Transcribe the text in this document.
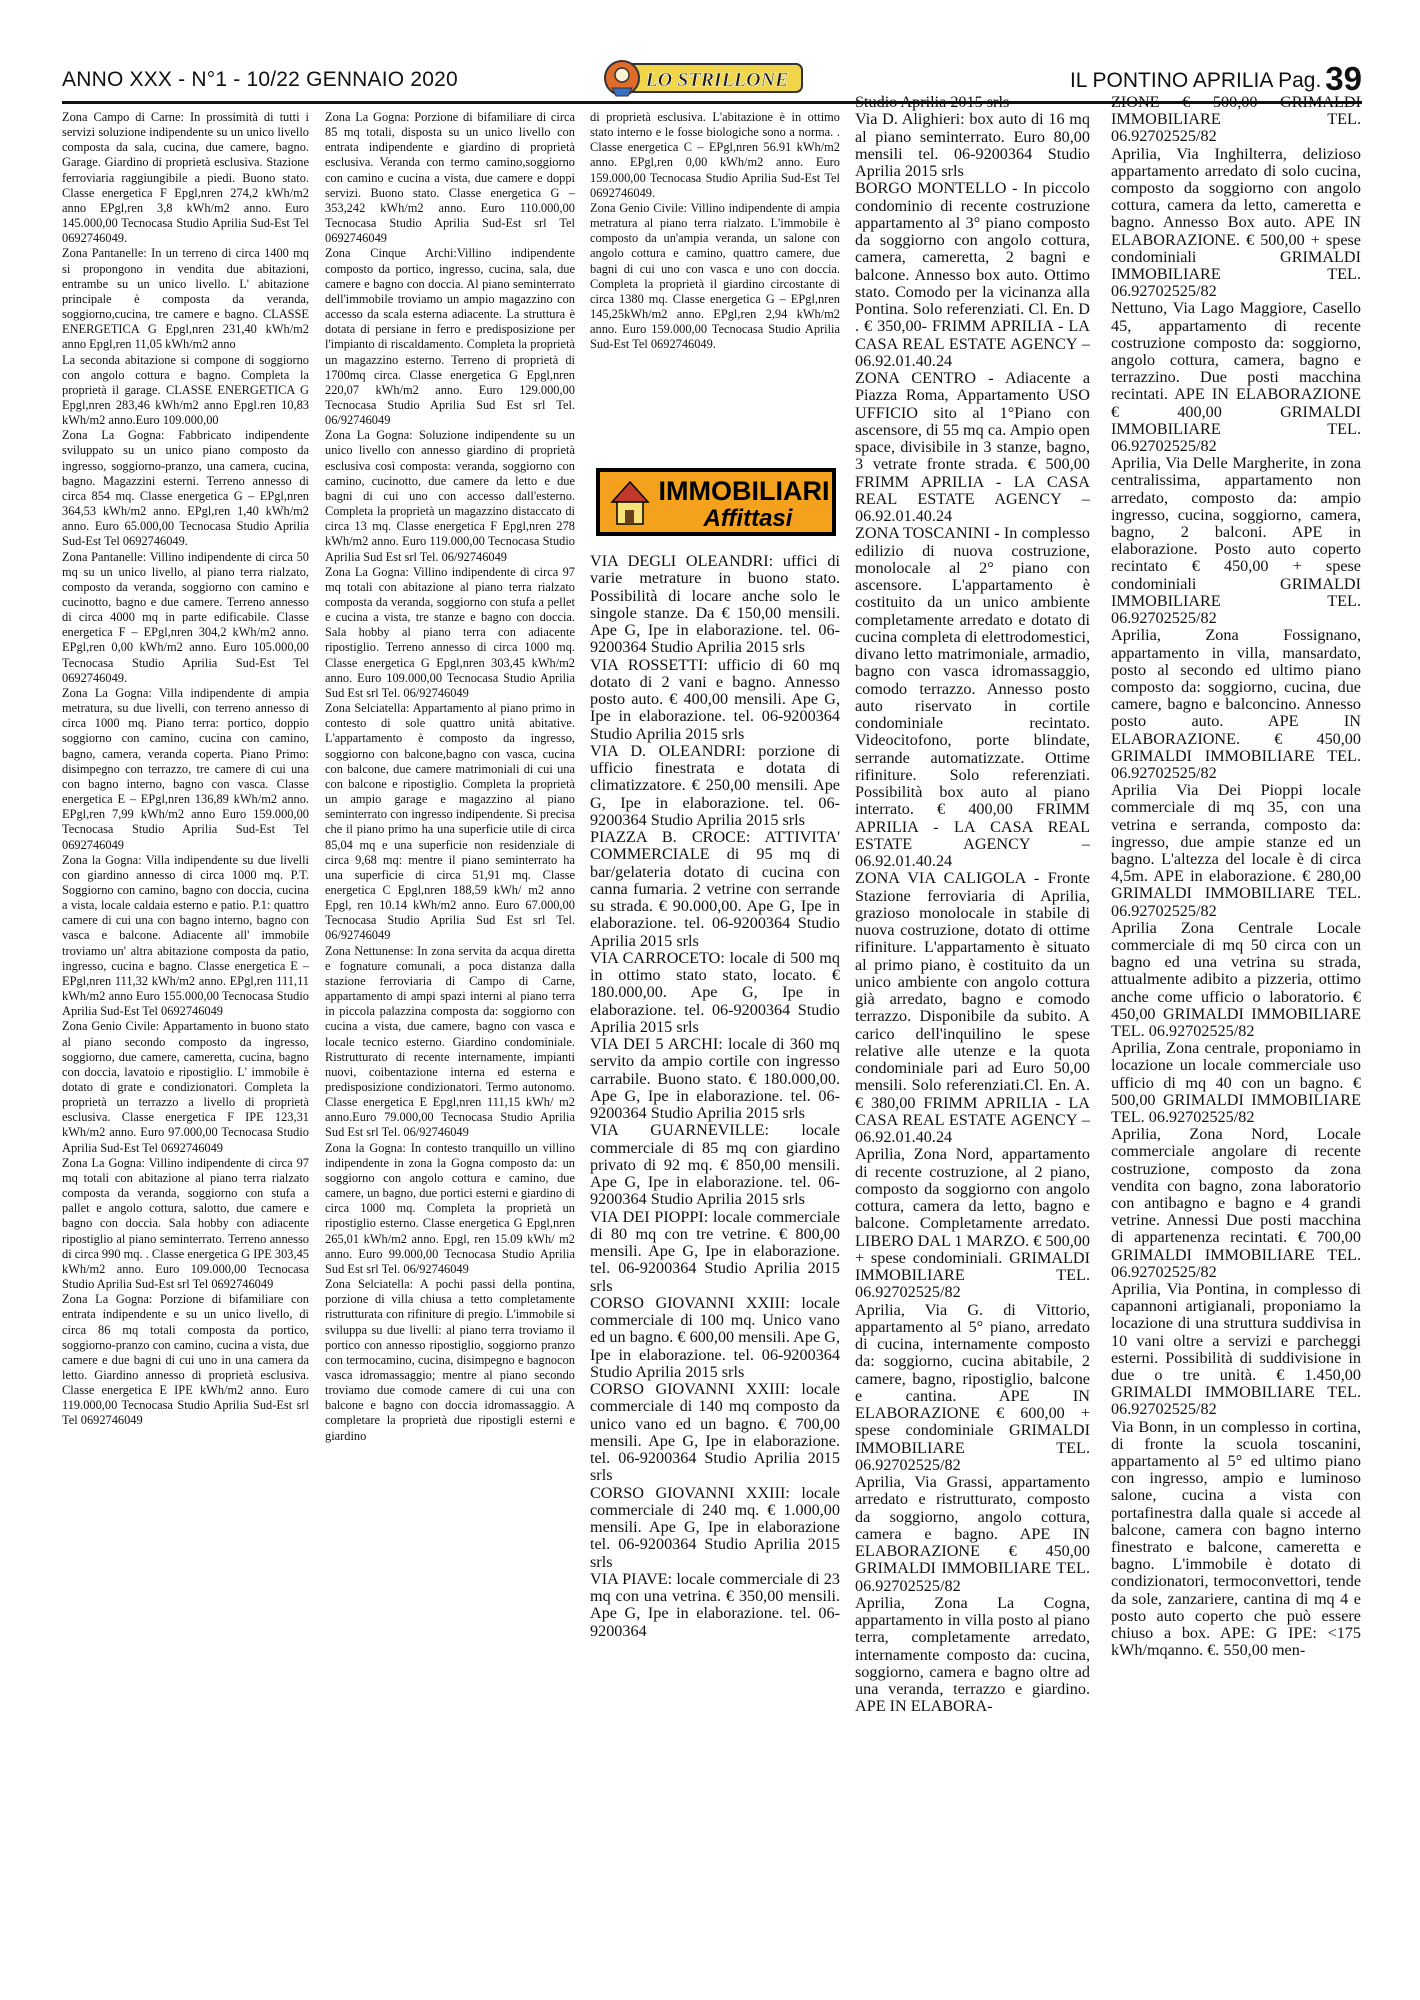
ANNO XXX - N°1 - 10/22 GENNAIO 2020	LO STRILLONE	IL PONTINO APRILIA Pag. 39

Zona Campo di Carne: In prossimità di tutti i servizi soluzione indipendente su un unico livello composta da sala, cucina, due camere, bagno. Garage. Giardino di proprietà esclusiva. Stazione ferroviaria raggiungibile a piedi. Buono stato. Classe energetica F Epgl,nren 274,2 kWh/m2 anno EPgl,ren 3,8 kWh/m2 anno. Euro 145.000,00 Tecnocasa Studio Aprilia Sud-Est Tel 0692746049.

Zona Pantanelle: In un terreno di circa 1400 mq si propongono in vendita due abitazioni, entrambe su un unico livello. L' abitazione principale è composta da veranda, soggiorno,cucina, tre camere e bagno. CLASSE ENERGETICA G Epgl,nren 231,40 kWh/m2 anno Epgl,ren 11,05 kWh/m2 anno

La seconda abitazione si compone di soggiorno con angolo cottura e bagno. Completa la proprietà il garage. CLASSE ENERGETICA G Epgl,nren 283,46 kWh/m2 anno Epgl.ren 10,83 kWh/m2 anno.Euro 109.000,00

Zona La Gogna: Fabbricato indipendente sviluppato su un unico piano composto da ingresso, soggiorno-pranzo, una camera, cucina, bagno. Magazzini esterni. Terreno annesso di circa 854 mq. Classe energetica G – EPgl,nren 364,53 kWh/m2 anno. EPgl,ren 1,40 kWh/m2 anno. Euro 65.000,00 Tecnocasa Studio Aprilia Sud-Est Tel 0692746049.

Zona Pantanelle: Villino indipendente di circa 50 mq su un unico livello, al piano terra rialzato, composto da veranda, soggiorno con camino e cucinotto, bagno e due camere. Terreno annesso di circa 4000 mq in parte edificabile. Classe energetica F – EPgl,nren 304,2 kWh/m2 anno. EPgl,ren 0,00 kWh/m2 anno. Euro 105.000,00 Tecnocasa Studio Aprilia Sud-Est Tel 0692746049.

Zona La Gogna: Villa indipendente di ampia metratura, su due livelli, con terreno annesso di circa 1000 mq. Piano terra: portico, doppio soggiorno con camino, cucina con camino, bagno, camera, veranda coperta. Piano Primo: disimpegno con terrazzo, tre camere di cui una con bagno interno, bagno con vasca. Classe energetica E – EPgl,nren 136,89 kWh/m2 anno. EPgl,ren 7,99 kWh/m2 anno Euro 159.000,00 Tecnocasa Studio Aprilia Sud-Est Tel 0692746049

Zona la Gogna: Villa indipendente su due livelli con giardino annesso di circa 1000 mq. P.T. Soggiorno con camino, bagno con doccia, cucina a vista, locale caldaia esterno e patio. P.1: quattro camere di cui una con bagno interno, bagno con vasca e balcone. Adiacente all' immobile troviamo un' altra abitazione composta da patio, ingresso, cucina e bagno. Classe energetica E – EPgl,nren 111,32 kWh/m2 anno. EPgl,ren 111,11 kWh/m2 anno Euro 155.000,00 Tecnocasa Studio Aprilia Sud-Est Tel 0692746049

Zona Genio Civile: Appartamento in buono stato al piano secondo composto da ingresso, soggiorno, due camere, cameretta, cucina, bagno con doccia, lavatoio e ripostiglio. L' immobile è dotato di grate e condizionatori. Completa la proprietà un terrazzo a livello di proprietà esclusiva. Classe energetica F IPE 123,31 kWh/m2 anno. Euro 97.000,00 Tecnocasa Studio Aprilia Sud-Est Tel 0692746049

Zona La Gogna: Villino indipendente di circa 97 mq totali con abitazione al piano terra rialzato composta da veranda, soggiorno con stufa a pallet e angolo cottura, salotto, due camere e bagno con doccia. Sala hobby con adiacente ripostiglio al piano seminterrato. Terreno annesso di circa 990 mq. . Classe energetica G IPE 303,45 kWh/m2 anno. Euro 109.000,00 Tecnocasa Studio Aprilia Sud-Est srl Tel 0692746049

Zona La Gogna: Porzione di bifamiliare con entrata indipendente e su un unico livello, di circa 86 mq totali composta da portico, soggiorno-pranzo con camino, cucina a vista, due camere e due bagni di cui uno in una camera da letto. Giardino annesso di proprietà esclusiva. Classe energetica E IPE kWh/m2 anno. Euro 119.000,00 Tecnocasa Studio Aprilia Sud-Est srl Tel 0692746049

Zona La Gogna: Porzione di bifamiliare di circa 85 mq totali, disposta su un unico livello con entrata indipendente e giardino di proprietà esclusiva. Veranda con termo camino,soggiorno con camino e cucina a vista, due camere e doppi servizi. Buono stato. Classe energetica G – 353,242 kWh/m2 anno. Euro 110.000,00 Tecnocasa Studio Aprilia Sud-Est srl Tel 0692746049

Zona Cinque Archi:Villino indipendente composto da portico, ingresso, cucina, sala, due camere e bagno con doccia. Al piano seminterrato dell'immobile troviamo un ampio magazzino con accesso da scala esterna adiacente. La struttura è dotata di persiane in ferro e predisposizione per l'impianto di riscaldamento. Completa la proprietà un magazzino esterno. Terreno di proprietà di 1700mq circa. Classe energetica G Epgl,nren 220,07 kWh/m2 anno. Euro 129.000,00 Tecnocasa Studio Aprilia Sud Est srl Tel. 06/92746049

Zona La Gogna: Soluzione indipendente su un unico livello con annesso giardino di proprietà esclusiva così composta: veranda, soggiorno con camino, cucinotto, due camere da letto e due bagni di cui uno con accesso dall'esterno. Completa la proprietà un magazzino distaccato di circa 13 mq. Classe energetica F Epgl,nren 278 kWh/m2 anno. Euro 119.000,00 Tecnocasa Studio Aprilia Sud Est srl Tel. 06/92746049

Zona La Gogna: Villino indipendente di circa 97 mq totali con abitazione al piano terra rialzato composta da veranda, soggiorno con stufa a pellet e cucina a vista, tre stanze e bagno con doccia. Sala hobby al piano terra con adiacente ripostiglio. Terreno annesso di circa 1000 mq. Classe energetica G Epgl,nren 303,45 kWh/m2 anno. Euro 109.000,00 Tecnocasa Studio Aprilia Sud Est srl Tel. 06/92746049

Zona Selciatella: Appartamento al piano primo in contesto di sole quattro unità abitative. L'appartamento è composto da ingresso, soggiorno con balcone,bagno con vasca, cucina con balcone, due camere matrimoniali di cui una con balcone e ripostiglio. Completa la proprietà un ampio garage e magazzino al piano seminterrato con ingresso indipendente. Si precisa che il piano primo ha una superficie utile di circa 85,04 mq e una superficie non residenziale di circa 9,68 mq: mentre il piano seminterrato ha una superficie di circa 51,91 mq. Classe energetica C Epgl,nren 188,59 kWh/ m2 anno Epgl, ren 10.14 kWh/m2 anno. Euro 67.000,00 Tecnocasa Studio Aprilia Sud Est srl Tel. 06/92746049

Zona Nettunense: In zona servita da acqua diretta e fognature comunali, a poca distanza dalla stazione ferroviaria di Campo di Carne, appartamento di ampi spazi interni al piano terra in piccola palazzina composta da: soggiorno con cucina a vista, due camere, bagno con vasca e locale tecnico esterno. Giardino condominiale. Ristrutturato di recente internamente, impianti nuovi, coibentazione interna ed esterna e predisposizione condizionatori. Termo autonomo. Classe energetica E Epgl,nren 111,15 kWh/ m2 anno.Euro 79.000,00 Tecnocasa Studio Aprilia Sud Est srl Tel. 06/92746049

Zona la Gogna: In contesto tranquillo un villino indipendente in zona la Gogna composto da: un soggiorno con angolo cottura e camino, due camere, un bagno, due portici esterni e giardino di circa 1000 mq. Completa la proprietà un ripostiglio esterno. Classe energetica G Epgl,nren 265,01 kWh/m2 anno. Epgl, ren 15.09 kWh/ m2 anno. Euro 99.000,00 Tecnocasa Studio Aprilia Sud Est srl Tel. 06/92746049

Zona Selciatella: A pochi passi della pontina, porzione di villa chiusa a tetto completamente ristrutturata con rifiniture di pregio. L'immobile si sviluppa su due livelli: al piano terra troviamo il portico con annesso ripostiglio, soggiorno pranzo con termocamino, cucina, disimpegno e bagnocon vasca idromassaggio; mentre al piano secondo troviamo due comode camere di cui una con balcone e bagno con doccia idromassaggio. A completare la proprietà due ripostigli esterni e giardino

di proprietà esclusiva. L'abitazione è in ottimo stato interno e le fosse biologiche sono a norma. . Classe energetica C – EPgl,nren 56.91 kWh/m2 anno. EPgl,ren 0,00 kWh/m2 anno. Euro 159.000,00 Tecnocasa Studio Aprilia Sud-Est Tel 0692746049.

Zona Genio Civile: Villino indipendente di ampia metratura al piano terra rialzato. L'immobile è composto da un'ampia veranda, un salone con angolo cottura e camino, quattro camere, due bagni di cui uno con vasca e uno con doccia. Completa la proprietà il giardino circostante di circa 1380 mq. Classe energetica G – EPgl,nren 145,25kWh/m2 anno. EPgl,ren 2,94 kWh/m2 anno. Euro 159.000,00 Tecnocasa Studio Aprilia Sud-Est Tel 0692746049.

IMMOBILIARI
Affittasi

VIA DEGLI OLEANDRI: uffici di varie metrature in buono stato. Possibilità di locare anche solo le singole stanze. Da € 150,00 mensili. Ape G, Ipe in elaborazione. tel. 06-9200364 Studio Aprilia 2015 srls

VIA ROSSETTI: ufficio di 60 mq dotato di 2 vani e bagno. Annesso posto auto. € 400,00 mensili. Ape G, Ipe in elaborazione. tel. 06-9200364 Studio Aprilia 2015 srls

VIA D. OLEANDRI: porzione di ufficio finestrata e dotata di climatizzatore. € 250,00 mensili. Ape G, Ipe in elaborazione. tel. 06-9200364 Studio Aprilia 2015 srls

PIAZZA B. CROCE: ATTIVITA' COMMERCIALE di 95 mq di bar/gelateria dotato di cucina con canna fumaria. 2 vetrine con serrande su strada. € 90.000,00. Ape G, Ipe in elaborazione. tel. 06-9200364 Studio Aprilia 2015 srls

VIA CARROCETO: locale di 500 mq in ottimo stato stato, locato. € 180.000,00. Ape G, Ipe in elaborazione. tel. 06-9200364 Studio Aprilia 2015 srls

VIA DEI 5 ARCHI: locale di 360 mq servito da ampio cortile con ingresso carrabile. Buono stato. € 180.000,00. Ape G, Ipe in elaborazione. tel. 06-9200364 Studio Aprilia 2015 srls

VIA GUARNEVILLE: locale commerciale di 85 mq con giardino privato di 92 mq. € 850,00 mensili. Ape G, Ipe in elaborazione. tel. 06-9200364 Studio Aprilia 2015 srls

VIA DEI PIOPPI: locale commerciale di 80 mq con tre vetrine. € 800,00 mensili. Ape G, Ipe in elaborazione. tel. 06-9200364 Studio Aprilia 2015 srls

CORSO GIOVANNI XXIII: locale commerciale di 100 mq. Unico vano ed un bagno. € 600,00 mensili. Ape G, Ipe in elaborazione. tel. 06-9200364 Studio Aprilia 2015 srls

CORSO GIOVANNI XXIII: locale commerciale di 140 mq composto da unico vano ed un bagno. € 700,00 mensili. Ape G, Ipe in elaborazione. tel. 06-9200364 Studio Aprilia 2015 srls

CORSO GIOVANNI XXIII: locale commerciale di 240 mq. € 1.000,00 mensili. Ape G, Ipe in elaborazione tel. 06-9200364 Studio Aprilia 2015 srls

VIA PIAVE: locale commerciale di 23 mq con una vetrina. € 350,00 mensili. Ape G, Ipe in elaborazione. tel. 06-9200364

Studio Aprilia 2015 srls

Via D. Alighieri: box auto di 16 mq al piano seminterrato. Euro 80,00 mensili tel. 06-9200364 Studio Aprilia 2015 srls

BORGO MONTELLO - In piccolo condominio di recente costruzione appartamento al 3° piano composto da soggiorno con angolo cottura, camera, cameretta, 2 bagni e balcone. Annesso box auto. Ottimo stato. Comodo per la vicinanza alla Pontina. Solo referenziati. Cl. En. D . € 350,00- FRIMM APRILIA - LA CASA REAL ESTATE AGENCY – 06.92.01.40.24

ZONA CENTRO - Adiacente a Piazza Roma, Appartamento USO UFFICIO sito al 1°Piano con ascensore, di 55 mq ca. Ampio open space, divisibile in 3 stanze, bagno, 3 vetrate fronte strada. € 500,00 FRIMM APRILIA - LA CASA REAL ESTATE AGENCY – 06.92.01.40.24

ZONA TOSCANINI - In complesso edilizio di nuova costruzione, monolocale al 2° piano con ascensore. L'appartamento è costituito da un unico ambiente completamente arredato e dotato di cucina completa di elettrodomestici, divano letto matrimoniale, armadio, bagno con vasca idromassaggio, comodo terrazzo. Annesso posto auto riservato in cortile condominiale recintato. Videocitofono, porte blindate, serrande automatizzate. Ottime rifiniture. Solo referenziati. Possibilità box auto al piano interrato. € 400,00 FRIMM APRILIA - LA CASA REAL ESTATE AGENCY – 06.92.01.40.24

ZONA VIA CALIGOLA - Fronte Stazione ferroviaria di Aprilia, grazioso monolocale in stabile di nuova costruzione, dotato di ottime rifiniture. L'appartamento è situato al primo piano, è costituito da un unico ambiente con angolo cottura già arredato, bagno e comodo terrazzo. Disponibile da subito. A carico dell'inquilino le spese relative alle utenze e la quota condominiale pari ad Euro 50,00 mensili. Solo referenziati.Cl. En. A. € 380,00 FRIMM APRILIA - LA CASA REAL ESTATE AGENCY – 06.92.01.40.24

Aprilia, Zona Nord, appartamento di recente costruzione, al 2 piano, composto da soggiorno con angolo cottura, camera da letto, bagno e balcone. Completamente arredato. LIBERO DAL 1 MARZO. € 500,00 + spese condominiali. GRIMALDI IMMOBILIARE TEL. 06.92702525/82

Aprilia, Via G. di Vittorio, appartamento al 5° piano, arredato di cucina, internamente composto da: soggiorno, cucina abitabile, 2 camere, bagno, ripostiglio, balcone e cantina. APE IN ELABORAZIONE € 600,00 + spese condominiale GRIMALDI IMMOBILIARE TEL. 06.92702525/82

Aprilia, Via Grassi, appartamento arredato e ristrutturato, composto da soggiorno, angolo cottura, camera e bagno. APE IN ELABORAZIONE € 450,00 GRIMALDI IMMOBILIARE TEL. 06.92702525/82

Aprilia, Zona La Cogna, appartamento in villa posto al piano terra, completamente arredato, internamente composto da: cucina, soggiorno, camera e bagno oltre ad una veranda, terrazzo e giardino. APE IN ELABORA-

ZIONE € 500,00 GRIMALDI IMMOBILIARE TEL. 06.92702525/82

Aprilia, Via Inghilterra, delizioso appartamento arredato di solo cucina, composto da soggiorno con angolo cottura, camera da letto, cameretta e bagno. Annesso Box auto. APE IN ELABORAZIONE. € 500,00 + spese condominiali GRIMALDI IMMOBILIARE TEL. 06.92702525/82

Nettuno, Via Lago Maggiore, Casello 45, appartamento di recente costruzione composto da: soggiorno, angolo cottura, camera, bagno e terrazzino. Due posti macchina recintati. APE IN ELABORAZIONE € 400,00 GRIMALDI IMMOBILIARE TEL. 06.92702525/82

Aprilia, Via Delle Margherite, in zona centralissima, appartamento non arredato, composto da: ampio ingresso, cucina, soggiorno, camera, bagno, 2 balconi. APE in elaborazione. Posto auto coperto recintato € 450,00 + spese condominiali GRIMALDI IMMOBILIARE TEL. 06.92702525/82

Aprilia, Zona Fossignano, appartamento in villa, mansardato, posto al secondo ed ultimo piano composto da: soggiorno, cucina, due camere, bagno e balconcino. Annesso posto auto. APE IN ELABORAZIONE. € 450,00 GRIMALDI IMMOBILIARE TEL. 06.92702525/82

Aprilia Via Dei Pioppi locale commerciale di mq 35, con una vetrina e serranda, composto da: ingresso, due ampie stanze ed un bagno. L'altezza del locale è di circa 4,5m. APE in elaborazione. € 280,00 GRIMALDI IMMOBILIARE TEL. 06.92702525/82

Aprilia Zona Centrale Locale commerciale di mq 50 circa con un bagno ed una vetrina su strada, attualmente adibito a pizzeria, ottimo anche come ufficio o laboratorio. € 450,00 GRIMALDI IMMOBILIARE TEL. 06.92702525/82

Aprilia, Zona centrale, proponiamo in locazione un locale commerciale uso ufficio di mq 40 con un bagno. € 500,00 GRIMALDI IMMOBILIARE TEL. 06.92702525/82

Aprilia, Zona Nord, Locale commerciale angolare di recente costruzione, composto da zona vendita con bagno, zona laboratorio con antibagno e bagno e 4 grandi vetrine. Annessi Due posti macchina di appartenenza recintati. € 700,00 GRIMALDI IMMOBILIARE TEL. 06.92702525/82

Aprilia, Via Pontina, in complesso di capannoni artigianali, proponiamo la locazione di una struttura suddivisa in 10 vani oltre a servizi e parcheggi esterni. Possibilità di suddivisione in due o tre unità. € 1.450,00 GRIMALDI IMMOBILIARE TEL. 06.92702525/82

Via Bonn, in un complesso in cortina, di fronte la scuola toscanini, appartamento al 5° ed ultimo piano con ingresso, ampio e luminoso salone, cucina a vista con portafinestra dalla quale si accede al balcone, camera con bagno interno finestrato e balcone, cameretta e bagno. L'immobile è dotato di condizionatori, termoconvettori, tende da sole, zanzariere, cantina di mq 4 e posto auto coperto che può essere chiuso a box. APE: G IPE: <175 kWh/mqanno. €. 550,00 men-
